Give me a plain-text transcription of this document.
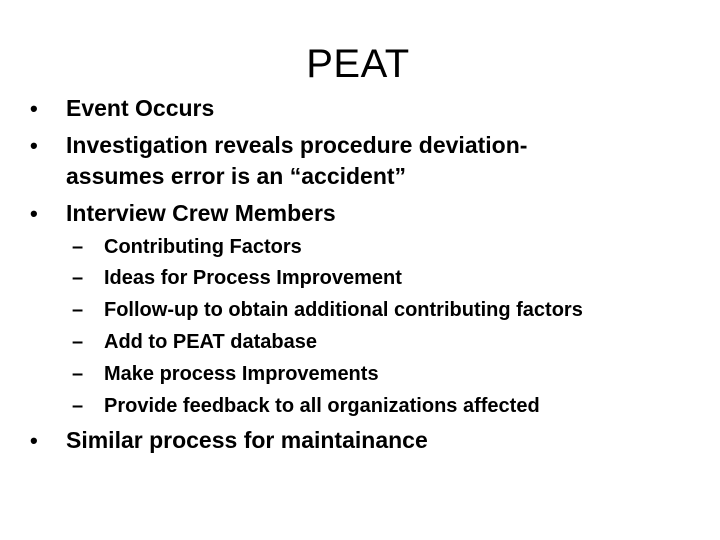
PEAT
• Event Occurs
• Investigation reveals procedure deviation-
assumes error is an “accident”
• Interview Crew Members
– Contributing Factors
– Ideas for Process Improvement
– Follow-up to obtain additional contributing factors
– Add to PEAT database
– Make process Improvements
– Provide feedback to all organizations affected
• Similar process for maintainance
